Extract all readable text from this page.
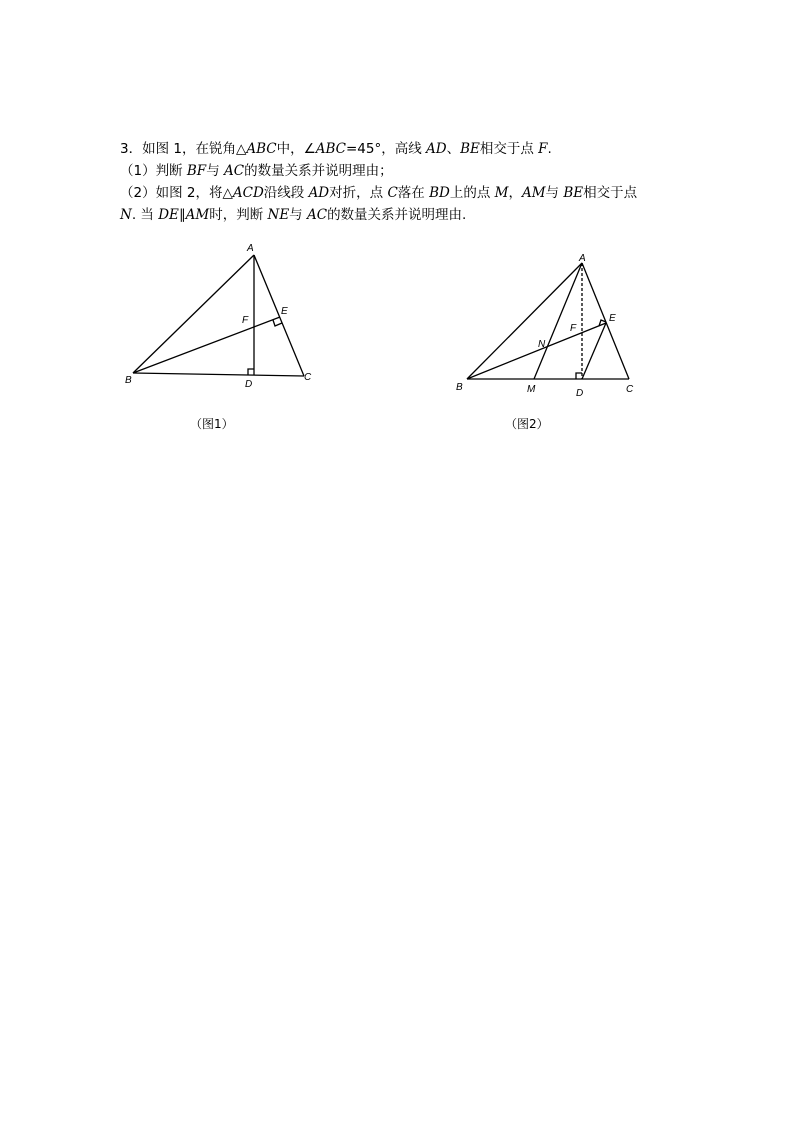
3．如图 1，在锐角△ABC中，∠ABC=45°，高线 AD、BE相交于点 F.
（1）判断 BF与 AC的数量关系并说明理由；
（2）如图 2，将△ACD沿线段 AD对折，点 C落在 BD上的点 M，AM与 BE相交于点
N. 当 DE∥AM时，判断 NE与 AC的数量关系并说明理由.
A
B	C
D
E
F
A
B	C
D
E
F
M
N
（图1）	（图2）
